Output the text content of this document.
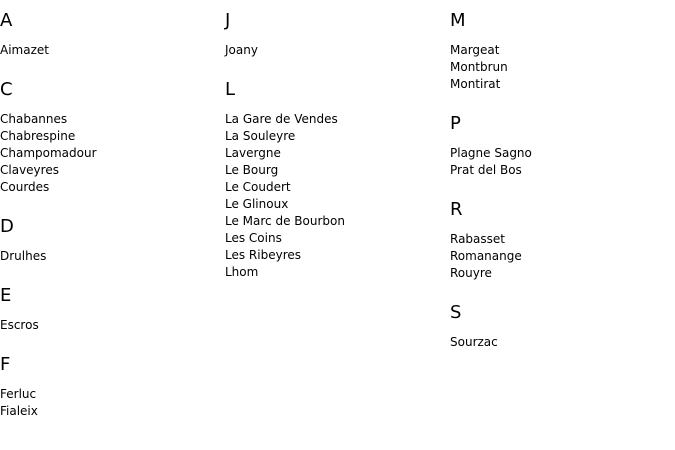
A
Aimazet
C
Chabannes
Chabrespine
Champomadour
Claveyres
Courdes
D
Drulhes
E
Escros
F
Ferluc
Fialeix
J
Joany
L
La Gare de Vendes
La Souleyre
Lavergne
Le Bourg
Le Coudert
Le Glinoux
Le Marc de Bourbon
Les Coins
Les Ribeyres
Lhom
M
Margeat
Montbrun
Montirat
P
Plagne Sagno
Prat del Bos
R
Rabasset
Romanange
Rouyre
S
Sourzac
